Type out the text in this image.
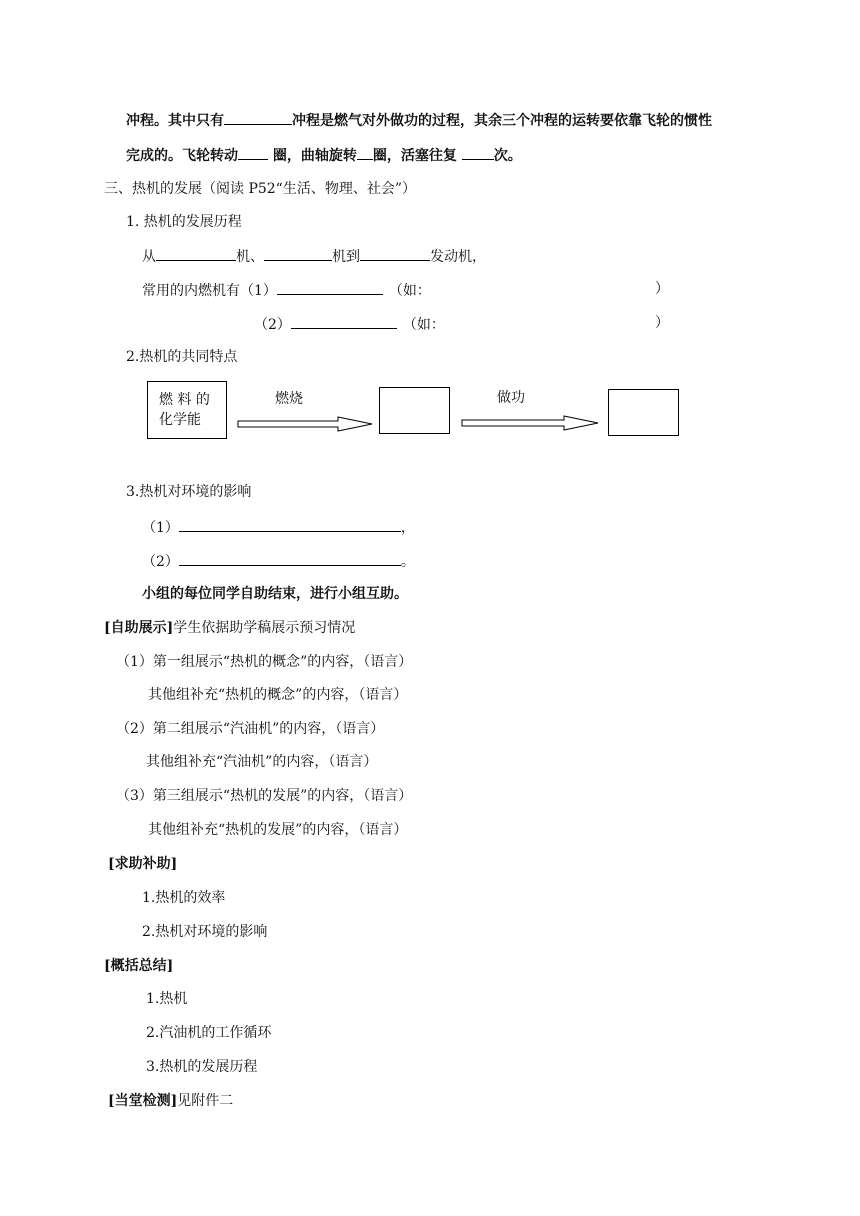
冲程。其中只有	冲程是燃气对外做功的过程，其余三个冲程的运转要依靠飞轮的惯性
完成的。飞轮转动 圈，曲轴旋转 圈，活塞往复 次。
三、热机的发展（阅读 P52“生活、物理、社会”）
1. 热机的发展历程
从	机、	机到	发动机，
常用的内燃机有（1）	（如：	）
（2）	（如：	）
2.热机的共同特点
燃 料 的
化学能
燃烧	做功
3.热机对环境的影响
（1）	，
（2）	。
小组的每位同学自助结束，进行小组互助。
[自助展示]学生依据助学稿展示预习情况
（1）第一组展示“热机的概念”的内容，（语言）
其他组补充“热机的概念”的内容，（语言）
（2）第二组展示“汽油机”的内容，（语言）
其他组补充“汽油机”的内容，（语言）
（3）第三组展示“热机的发展”的内容，（语言）
其他组补充“热机的发展”的内容，（语言）
[求助补助]
1.热机的效率
2.热机对环境的影响
[概括总结]
1.热机
2.汽油机的工作循环
3.热机的发展历程
[当堂检测]见附件二
